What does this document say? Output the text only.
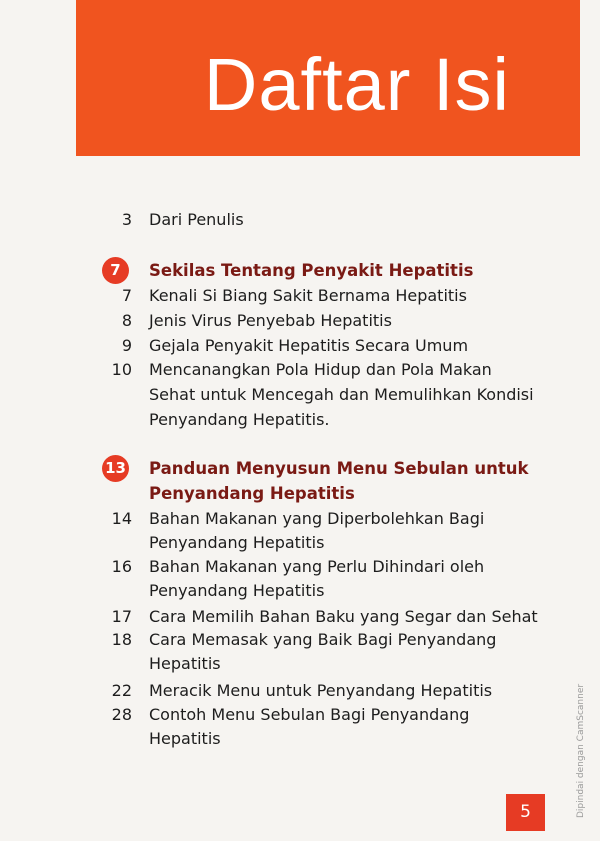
Daftar Isi
3 Dari Penulis
7	Sekilas Tentang Penyakit Hepatitis
7 Kenali Si Biang Sakit Bernama Hepatitis
8 Jenis Virus Penyebab Hepatitis
9 Gejala Penyakit Hepatitis Secara Umum
10 Mencanangkan Pola Hidup dan Pola Makan
Sehat untuk Mencegah dan Memulihkan Kondisi
Penyandang Hepatitis.
13 Panduan Menyusun Menu Sebulan untuk
Penyandang Hepatitis
14 Bahan Makanan yang Diperbolehkan Bagi
Penyandang Hepatitis
16 Bahan Makanan yang Perlu Dihindari oleh
Penyandang Hepatitis
17 Cara Memilih Bahan Baku yang Segar dan Sehat
18 Cara Memasak yang Baik Bagi Penyandang
Hepatitis
22 Meracik Menu untuk Penyandang Hepatitis
28 Contoh Menu Sebulan Bagi Penyandang
Hepatitis
5	Dipindai dengan CamScanner
